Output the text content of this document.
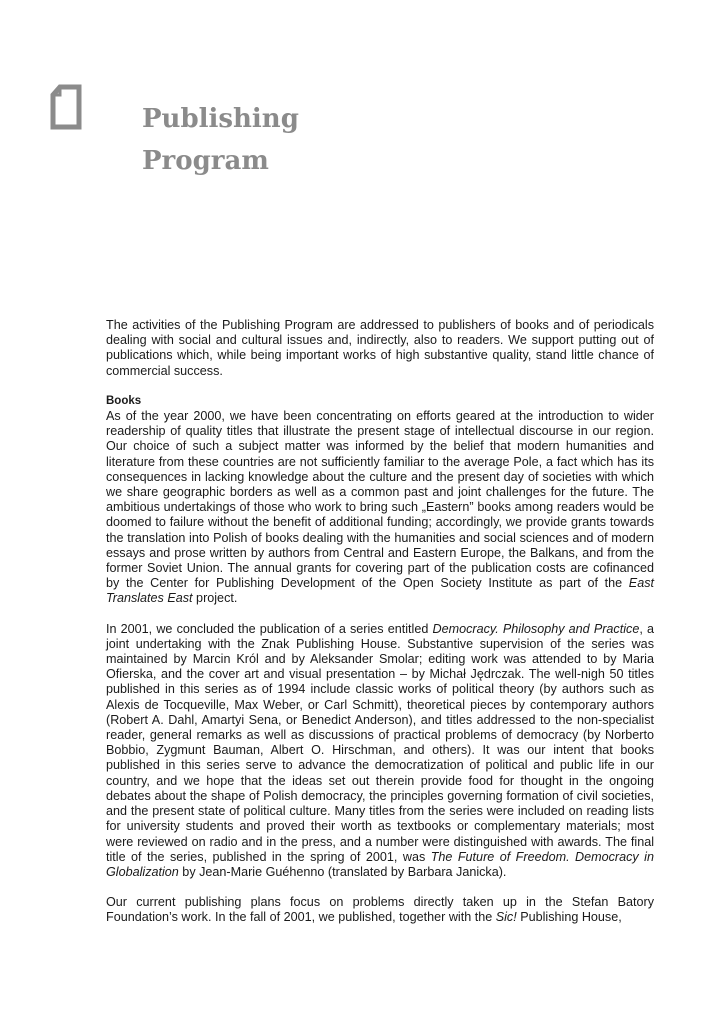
Publishing
Program

The activities of the Publishing Program are addressed to publishers of books and of periodicals dealing with social and cultural issues and, indirectly, also to readers. We support putting out of publications which, while being important works of high substantive quality, stand little chance of commercial success.

Books

As of the year 2000, we have been concentrating on efforts geared at the introduction to wider readership of quality titles that illustrate the present stage of intellectual discourse in our region. Our choice of such a subject matter was informed by the belief that modern humanities and literature from these countries are not sufficiently familiar to the average Pole, a fact which has its consequences in lacking knowledge about the culture and the present day of societies with which we share geographic borders as well as a common past and joint challenges for the future. The ambitious undertakings of those who work to bring such „Eastern” books among readers would be doomed to failure without the benefit of additional funding; accordingly, we provide grants towards the translation into Polish of books dealing with the humanities and social sciences and of modern essays and prose written by authors from Central and Eastern Europe, the Balkans, and from the former Soviet Union. The annual grants for covering part of the publication costs are cofinanced by the Center for Publishing Development of the Open Society Institute as part of the East Translates East project.

In 2001, we concluded the publication of a series entitled Democracy. Philosophy and Practice, a joint undertaking with the Znak Publishing House. Substantive supervision of the series was maintained by Marcin Król and by Aleksander Smolar; editing work was attended to by Maria Ofierska, and the cover art and visual presentation – by Michał Jędrczak. The well-nigh 50 titles published in this series as of 1994 include classic works of political theory (by authors such as Alexis de Tocqueville, Max Weber, or Carl Schmitt), theoretical pieces by contemporary authors (Robert A. Dahl, Amartyi Sena, or Benedict Anderson), and titles addressed to the non-specialist reader, general remarks as well as discussions of practical problems of democracy (by Norberto Bobbio, Zygmunt Bauman, Albert O. Hirschman, and others). It was our intent that books published in this series serve to advance the democratization of political and public life in our country, and we hope that the ideas set out therein provide food for thought in the ongoing debates about the shape of Polish democracy, the principles governing formation of civil societies, and the present state of political culture. Many titles from the series were included on reading lists for university students and proved their worth as textbooks or complementary materials; most were reviewed on radio and in the press, and a number were distinguished with awards. The final title of the series, published in the spring of 2001, was The Future of Freedom. Democracy in Globalization by Jean-Marie Guéhenno (translated by Barbara Janicka).

Our current publishing plans focus on problems directly taken up in the Stefan Batory Foundation’s work. In the fall of 2001, we published, together with the Sic! Publishing House,
